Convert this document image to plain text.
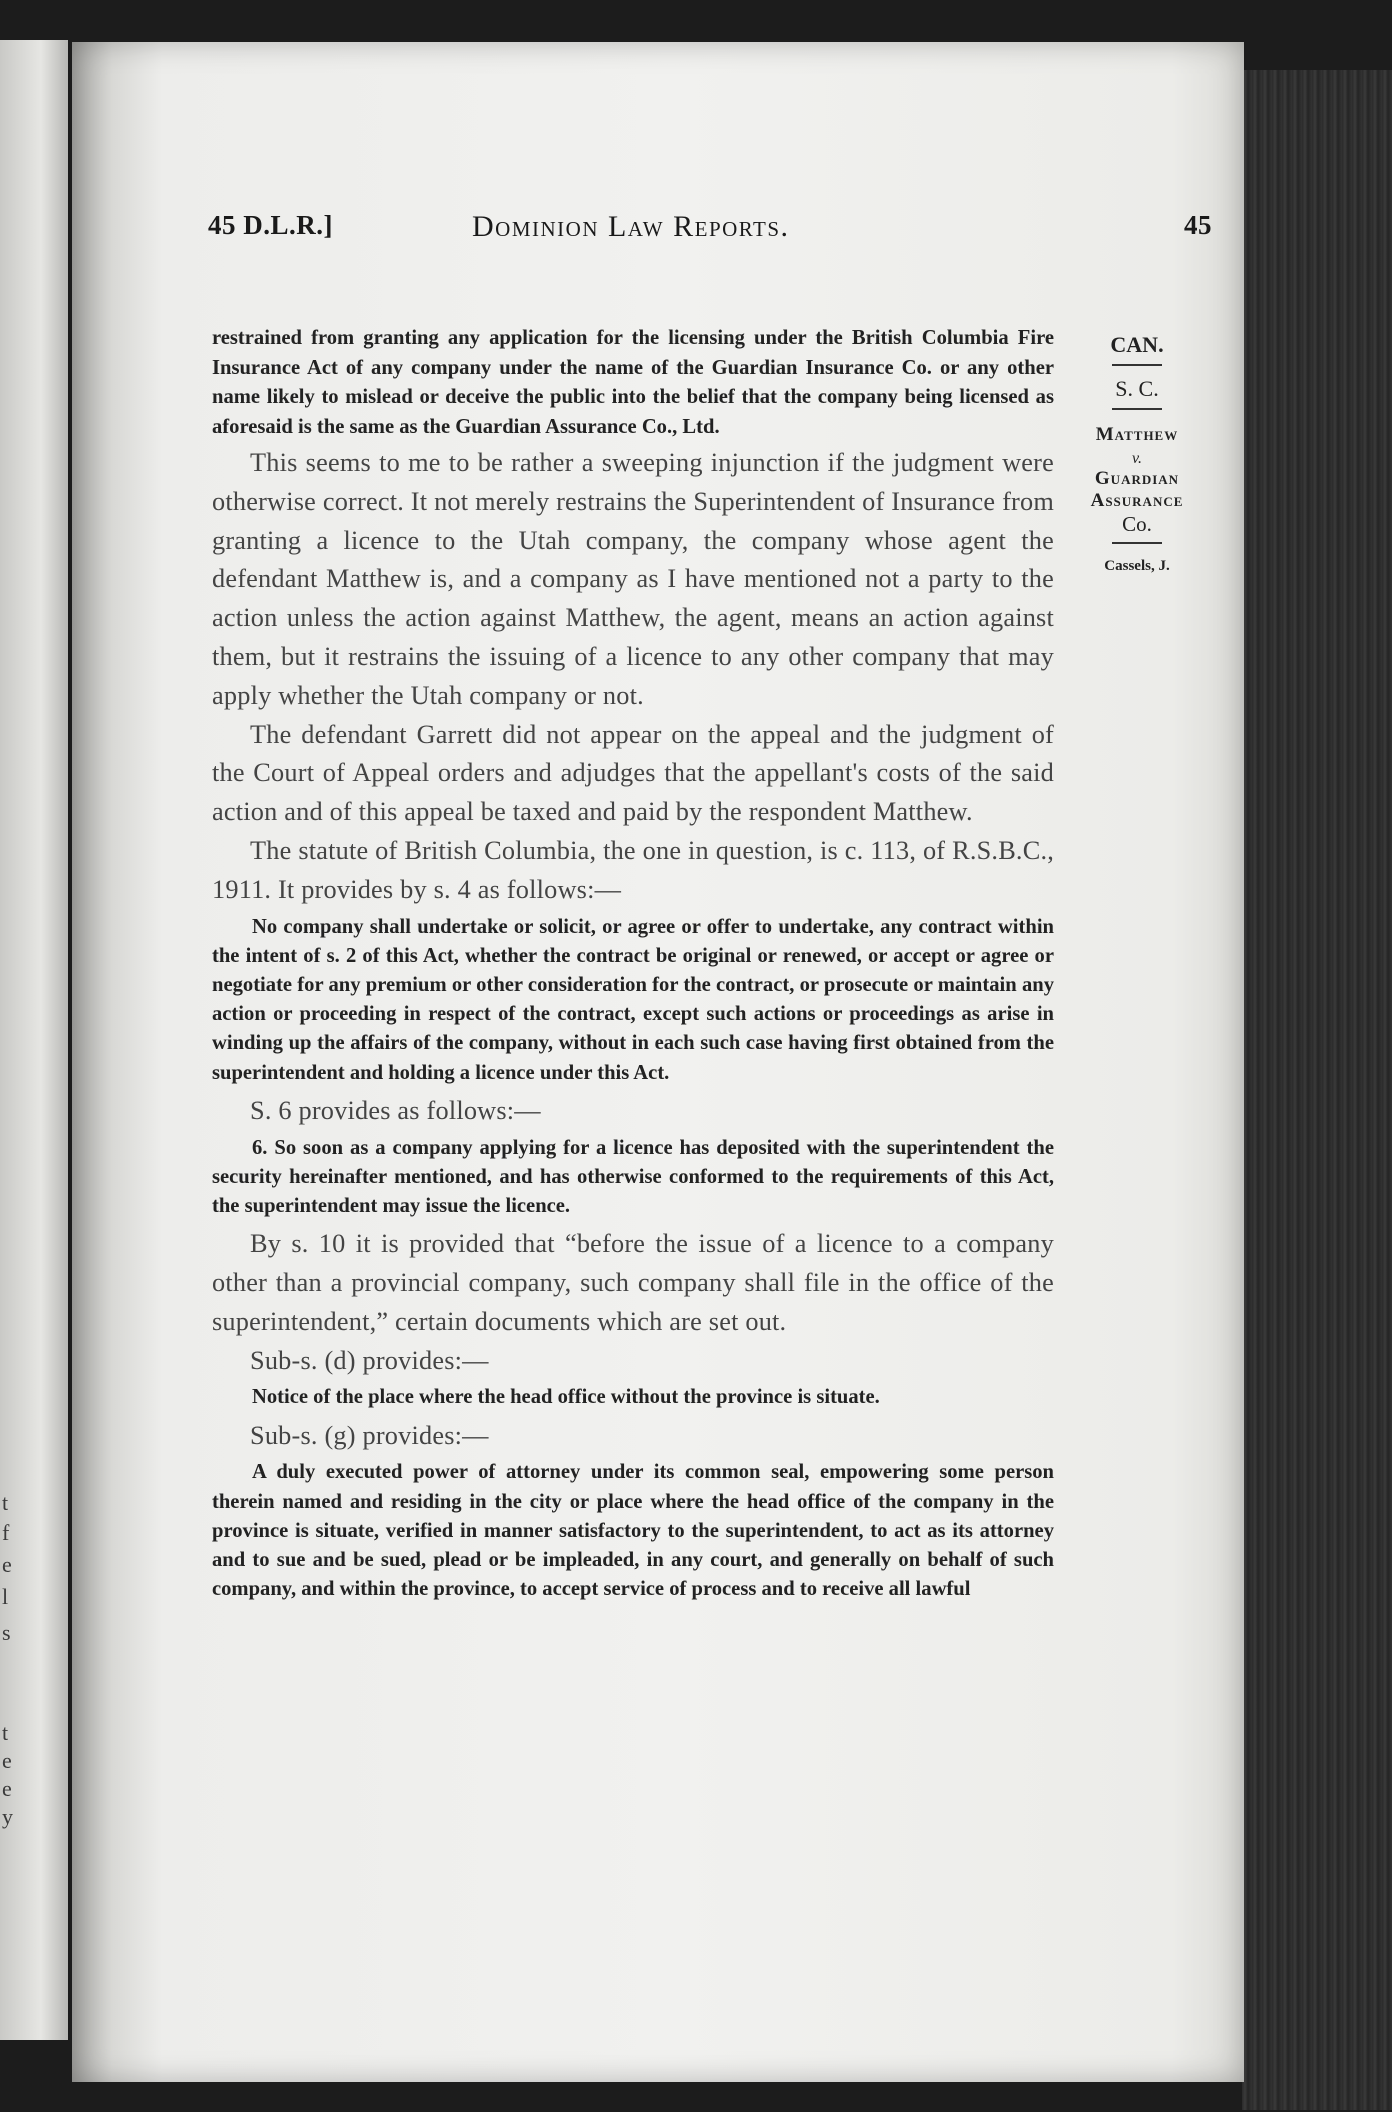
t
f
e
l
s
t
e
e
y
45 D.L.R.]	Dominion Law Reports.	45

restrained from granting any application for the licensing under the British Columbia Fire Insurance Act of any company under the name of the Guardian Insurance Co. or any other name likely to mislead or deceive the public into the belief that the company being licensed as aforesaid is the same as the Guardian Assurance Co., Ltd.

This seems to me to be rather a sweeping injunction if the judgment were otherwise correct. It not merely restrains the Superintendent of Insurance from granting a licence to the Utah company, the company whose agent the defendant Matthew is, and a company as I have mentioned not a party to the action unless the action against Matthew, the agent, means an action against them, but it restrains the issuing of a licence to any other company that may apply whether the Utah company or not.

The defendant Garrett did not appear on the appeal and the judgment of the Court of Appeal orders and adjudges that the appellant's costs of the said action and of this appeal be taxed and paid by the respondent Matthew.

The statute of British Columbia, the one in question, is c. 113, of R.S.B.C., 1911. It provides by s. 4 as follows:—

No company shall undertake or solicit, or agree or offer to undertake, any contract within the intent of s. 2 of this Act, whether the contract be original or renewed, or accept or agree or negotiate for any premium or other consideration for the contract, or prosecute or maintain any action or proceeding in respect of the contract, except such actions or proceedings as arise in winding up the affairs of the company, without in each such case having first obtained from the superintendent and holding a licence under this Act.

S. 6 provides as follows:—

6. So soon as a company applying for a licence has deposited with the superintendent the security hereinafter mentioned, and has otherwise conformed to the requirements of this Act, the superintendent may issue the licence.

By s. 10 it is provided that “before the issue of a licence to a company other than a provincial company, such company shall file in the office of the superintendent,” certain documents which are set out.

Sub-s. (d) provides:—

Notice of the place where the head office without the province is situate.

Sub-s. (g) provides:—

A duly executed power of attorney under its common seal, empowering some person therein named and residing in the city or place where the head office of the company in the province is situate, verified in manner satisfactory to the superintendent, to act as its attorney and to sue and be sued, plead or be impleaded, in any court, and generally on behalf of such company, and within the province, to accept service of process and to receive all lawful

CAN.
S. C.
Matthew
v.
Guardian
Assurance
Co.
Cassels, J.
